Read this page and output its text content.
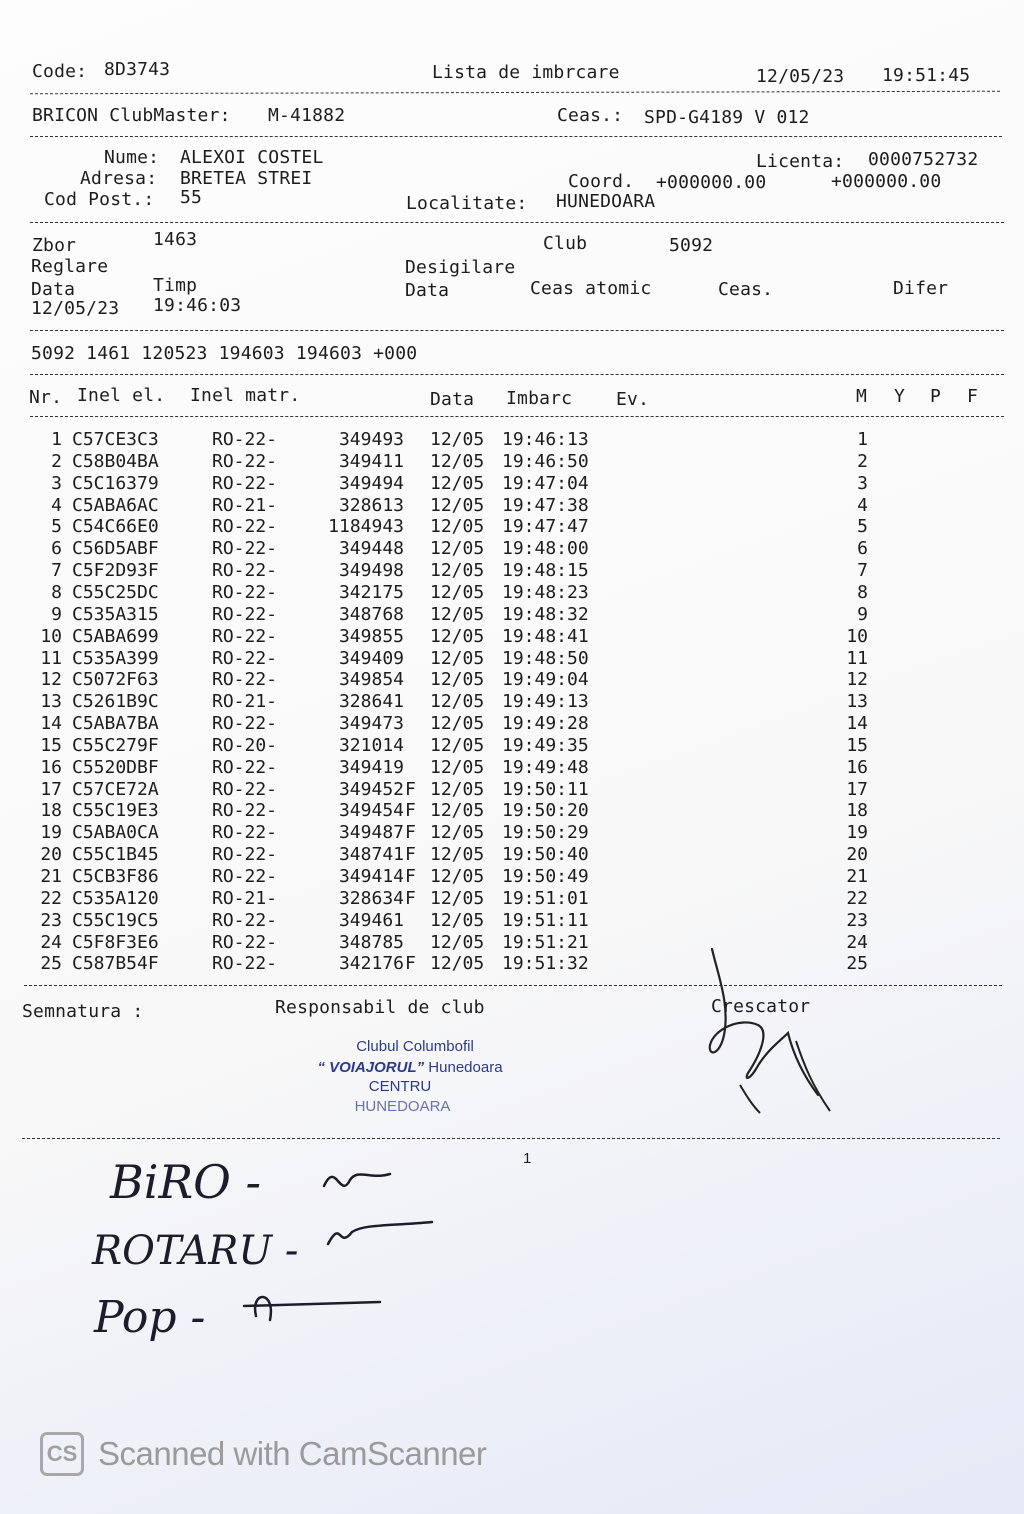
Code: 8D3743	Lista de imbrcare	12/05/23 19:51:45
BRICON ClubMaster: M-41882	Ceas.: SPD-G4189 V 012
Nume: ALEXOI COSTEL
Adresa: BRETEA STREI
Cod Post.: 55
Licenta: 0000752732
Coord. +000000.00	+000000.00
Localitate: HUNEDOARA
Zbor	1463	Club	5092
Reglare
Data	Timp
12/05/23 19:46:03
Desigilare
Data	Ceas atomic	Ceas.	Difer
5092 1461 120523 194603 194603 +000
Nr. Inel el. Inel matr.	Data Imbarc Ev.	M Y P F
1 C57CE3C3	RO-22-	349493 12/05 19:46:13	1
2 C58B04BA	RO-22-	349411 12/05 19:46:50	2
3 C5C16379	RO-22-	349494 12/05 19:47:04	3
4 C5ABA6AC	RO-21-	328613 12/05 19:47:38	4
5 C54C66E0	RO-22-	1184943 12/05 19:47:47	5
6 C56D5ABF	RO-22-	349448 12/05 19:48:00	6
7 C5F2D93F	RO-22-	349498 12/05 19:48:15	7
8 C55C25DC	RO-22-	342175 12/05 19:48:23	8
9 C535A315	RO-22-	348768 12/05 19:48:32	9
10 C5ABA699	RO-22-	349855 12/05 19:48:41	10
11 C535A399	RO-22-	349409 12/05 19:48:50	11
12 C5072F63	RO-22-	349854 12/05 19:49:04	12
13 C5261B9C	RO-21-	328641 12/05 19:49:13	13
14 C5ABA7BA	RO-22-	349473 12/05 19:49:28	14
15 C55C279F	RO-20-	321014 12/05 19:49:35	15
16 C5520DBF	RO-22-	349419 12/05 19:49:48	16
17 C57CE72A	RO-22-	349452 F 12/05 19:50:11	17
18 C55C19E3	RO-22-	349454 F 12/05 19:50:20	18
19 C5ABA0CA	RO-22-	349487 F 12/05 19:50:29	19
20 C55C1B45	RO-22-	348741 F 12/05 19:50:40	20
21 C5CB3F86	RO-22-	349414 F 12/05 19:50:49	21
22 C535A120	RO-21-	328634 F 12/05 19:51:01	22
23 C55C19C5	RO-22-	349461 12/05 19:51:11	23
24 C5F8F3E6	RO-22-	348785 12/05 19:51:21	24
25 C587B54F	RO-22-	342176 F 12/05 19:51:32	25
Semnatura :	Responsabil de club	Crescator
Clubul Columbofil
“ VOIAJORUL” Hunedoara
CENTRU
HUNEDOARA
1
BiRO -
ROTARU -
Pop -
CS Scanned with CamScanner
